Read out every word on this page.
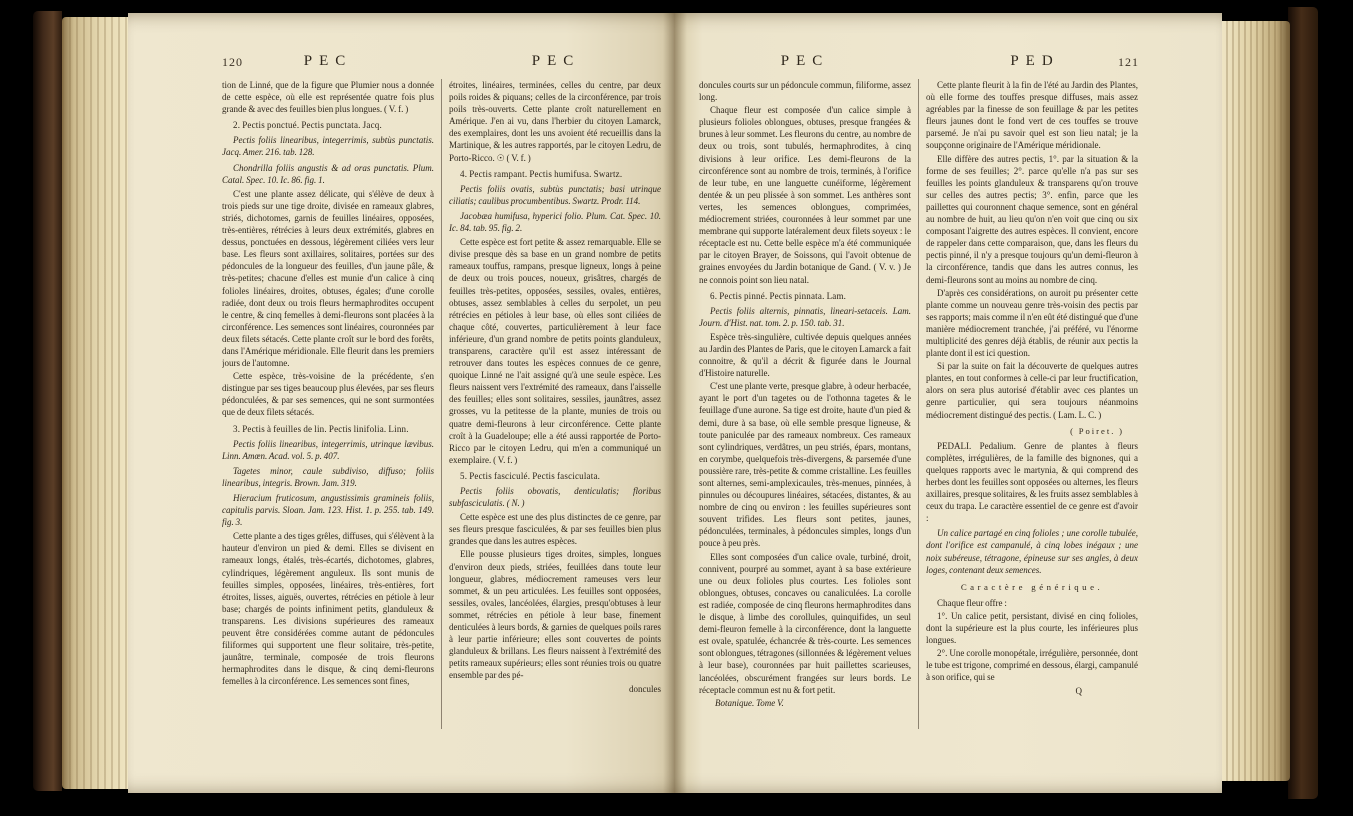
120	PEC	PEC

tion de Linné, que de la figure que Plumier nous a donnée de cette espèce, où elle est représentée quatre fois plus grande & avec des feuilles bien plus longues. ( V. f. )

2. Pectis ponctué. Pectis punctata. Jacq.

Pectis foliis linearibus, integerrimis, subtùs punctatis. Jacq. Amer. 216. tab. 128.

Chondrilla foliis angustis & ad oras punctatis. Plum. Catal. Spec. 10. Ic. 86. fig. 1.

C'est une plante assez délicate, qui s'élève de deux à trois pieds sur une tige droite, divisée en rameaux glabres, striés, dichotomes, garnis de feuilles linéaires, opposées, très-entières, rétrécies à leurs deux extrémités, glabres en dessus, ponctuées en dessous, légèrement ciliées vers leur base. Les fleurs sont axillaires, solitaires, portées sur des pédoncules de la longueur des feuilles, d'un jaune pâle, & très-petites; chacune d'elles est munie d'un calice à cinq folioles linéaires, droites, obtuses, égales; d'une corolle radiée, dont deux ou trois fleurs hermaphrodites occupent le centre, & cinq femelles à demi-fleurons sont placées à la circonférence. Les semences sont linéaires, couronnées par deux filets sétacés. Cette plante croît sur le bord des forêts, dans l'Amérique méridionale. Elle fleurit dans les premiers jours de l'automne.

Cette espèce, très-voisine de la précédente, s'en distingue par ses tiges beaucoup plus élevées, par ses fleurs pédonculées, & par ses semences, qui ne sont surmontées que de deux filets sétacés.

3. Pectis à feuilles de lin. Pectis linifolia. Linn.

Pectis foliis linearibus, integerrimis, utrinque lævibus. Linn. Amœn. Acad. vol. 5. p. 407.

Tagetes minor, caule subdiviso, diffuso; foliis linearibus, integris. Brown. Jam. 319.

Hieracium fruticosum, angustissimis gramineis foliis, capitulis parvis. Sloan. Jam. 123. Hist. 1. p. 255. tab. 149. fig. 3.

Cette plante a des tiges grêles, diffuses, qui s'élèvent à la hauteur d'environ un pied & demi. Elles se divisent en rameaux longs, étalés, très-écartés, dichotomes, glabres, cylindriques, légèrement anguleux. Ils sont munis de feuilles simples, opposées, linéaires, très-entières, fort étroites, lisses, aiguës, ouvertes, rétrécies en pétiole à leur base; chargés de points infiniment petits, glanduleux & transparens. Les divisions supérieures des rameaux peuvent être considérées comme autant de pédoncules filiformes qui supportent une fleur solitaire, très-petite, jaunâtre, terminale, composée de trois fleurons hermaphrodites dans le disque, & cinq demi-fleurons femelles à la circonférence. Les semences sont fines,

étroites, linéaires, terminées, celles du centre, par deux poils roides & piquans; celles de la circonférence, par trois poils très-ouverts. Cette plante croît naturellement en Amérique. J'en ai vu, dans l'herbier du citoyen Lamarck, des exemplaires, dont les uns avoient été recueillis dans la Martinique, & les autres rapportés, par le citoyen Ledru, de Porto-Ricco. ☉ ( V. f. )

4. Pectis rampant. Pectis humifusa. Swartz.

Pectis foliis ovatis, subtùs punctatis; basi utrinque ciliatis; caulibus procumbentibus. Swartz. Prodr. 114.

Jacobæa humifusa, hyperici folio. Plum. Cat. Spec. 10. Ic. 84. tab. 95. fig. 2.

Cette espèce est fort petite & assez remarquable. Elle se divise presque dès sa base en un grand nombre de petits rameaux touffus, rampans, presque ligneux, longs à peine de deux ou trois pouces, noueux, grisâtres, chargés de feuilles très-petites, opposées, sessiles, ovales, entières, obtuses, assez semblables à celles du serpolet, un peu rétrécies en pétioles à leur base, où elles sont ciliées de chaque côté, couvertes, particulièrement à leur face inférieure, d'un grand nombre de petits points glanduleux, transparens, caractère qu'il est assez intéressant de retrouver dans toutes les espèces connues de ce genre, quoique Linné ne l'ait assigné qu'à une seule espèce. Les fleurs naissent vers l'extrémité des rameaux, dans l'aisselle des feuilles; elles sont solitaires, sessiles, jaunâtres, assez grosses, vu la petitesse de la plante, munies de trois ou quatre demi-fleurons à leur circonférence. Cette plante croît à la Guadeloupe; elle a été aussi rapportée de Porto-Ricco par le citoyen Ledru, qui m'en a communiqué un exemplaire. ( V. f. )

5. Pectis fasciculé. Pectis fasciculata.

Pectis foliis obovatis, denticulatis; floribus subfasciculatis. ( N. )

Cette espèce est une des plus distinctes de ce genre, par ses fleurs presque fasciculées, & par ses feuilles bien plus grandes que dans les autres espèces.

Elle pousse plusieurs tiges droites, simples, longues d'environ deux pieds, striées, feuillées dans toute leur longueur, glabres, médiocrement rameuses vers leur sommet, & un peu articulées. Les feuilles sont opposées, sessiles, ovales, lancéolées, élargies, presqu'obtuses à leur sommet, rétrécies en pétiole à leur base, finement denticulées à leurs bords, & garnies de quelques poils rares à leur partie inférieure; elles sont couvertes de points glanduleux & brillans. Les fleurs naissent à l'extrémité des petits rameaux supérieurs; elles sont réunies trois ou quatre ensemble par des pé-

doncules

PEC	PED	121

doncules courts sur un pédoncule commun, filiforme, assez long.

Chaque fleur est composée d'un calice simple à plusieurs folioles oblongues, obtuses, presque frangées & brunes à leur sommet. Les fleurons du centre, au nombre de deux ou trois, sont tubulés, hermaphrodites, à cinq divisions à leur orifice. Les demi-fleurons de la circonférence sont au nombre de trois, terminés, à l'orifice de leur tube, en une languette cunéiforme, légèrement dentée & un peu plissée à son sommet. Les anthères sont vertes, les semences oblongues, comprimées, médiocrement striées, couronnées à leur sommet par une membrane qui supporte latéralement deux filets soyeux : le réceptacle est nu. Cette belle espèce m'a été communiquée par le citoyen Brayer, de Soissons, qui l'avoit obtenue de graines envoyées du Jardin botanique de Gand. ( V. v. ) Je ne connois point son lieu natal.

6. Pectis pinné. Pectis pinnata. Lam.

Pectis foliis alternis, pinnatis, lineari-setaceis. Lam. Journ. d'Hist. nat. tom. 2. p. 150. tab. 31.

Espèce très-singulière, cultivée depuis quelques années au Jardin des Plantes de Paris, que le citoyen Lamarck a fait connoitre, & qu'il a décrit & figurée dans le Journal d'Histoire naturelle.

C'est une plante verte, presque glabre, à odeur herbacée, ayant le port d'un tagetes ou de l'othonna tagetes & le feuillage d'une aurone. Sa tige est droite, haute d'un pied & demi, dure à sa base, où elle semble presque ligneuse, & toute paniculée par des rameaux nombreux. Ces rameaux sont cylindriques, verdâtres, un peu striés, épars, montans, en corymbe, quelquefois très-divergens, & parsemée d'une poussière rare, très-petite & comme cristalline. Les feuilles sont alternes, semi-amplexicaules, très-menues, pinnées, à pinnules ou découpures linéaires, sétacées, distantes, & au nombre de cinq ou environ : les feuilles supérieures sont souvent trifides. Les fleurs sont petites, jaunes, pédonculées, terminales, à pédoncules simples, longs d'un pouce à peu près.

Elles sont composées d'un calice ovale, turbiné, droit, connivent, pourpré au sommet, ayant à sa base extérieure une ou deux folioles plus courtes. Les folioles sont oblongues, obtuses, concaves ou canaliculées. La corolle est radiée, composée de cinq fleurons hermaphrodites dans le disque, à limbe des corollules, quinquifides, un seul demi-fleuron femelle à la circonférence, dont la languette est ovale, spatulée, échancrée & très-courte. Les semences sont oblongues, tétragones (sillonnées & légèrement velues à leur base), couronnées par huit paillettes scarieuses, lancéolées, obscurément frangées sur leurs bords. Le réceptacle commun est nu & fort petit.

Botanique. Tome V.

Cette plante fleurit à la fin de l'été au Jardin des Plantes, où elle forme des touffes presque diffuses, mais assez agréables par la finesse de son feuillage & par les petites fleurs jaunes dont le fond vert de ces touffes se trouve parsemé. Je n'ai pu savoir quel est son lieu natal; je la soupçonne originaire de l'Amérique méridionale.

Elle diffère des autres pectis, 1°. par la situation & la forme de ses feuilles; 2°. parce qu'elle n'a pas sur ses feuilles les points glanduleux & transparens qu'on trouve sur celles des autres pectis; 3°. enfin, parce que les paillettes qui couronnent chaque semence, sont en général au nombre de huit, au lieu qu'on n'en voit que cinq ou six composant l'aigrette des autres espèces. Il convient, encore de rappeler dans cette comparaison, que, dans les fleurs du pectis pinné, il n'y a presque toujours qu'un demi-fleuron à la circonférence, tandis que dans les autres connus, les demi-fleurons sont au moins au nombre de cinq.

D'après ces considérations, on auroit pu présenter cette plante comme un nouveau genre très-voisin des pectis par ses rapports; mais comme il n'en eût été distingué que d'une manière médiocrement tranchée, j'ai préféré, vu l'énorme multiplicité des genres déjà établis, de réunir aux pectis la plante dont il est ici question.

Si par la suite on fait la découverte de quelques autres plantes, en tout conformes à celle-ci par leur fructification, alors on sera plus autorisé d'établir avec ces plantes un genre particulier, qui sera toujours néanmoins médiocrement distingué des pectis. ( Lam. L. C. )

( Poiret. )

PEDALI. Pedalium. Genre de plantes à fleurs complètes, irrégulières, de la famille des bignones, qui a quelques rapports avec le martynia, & qui comprend des herbes dont les feuilles sont opposées ou alternes, les fleurs axillaires, presque solitaires, & les fruits assez semblables à ceux du trapa. Le caractère essentiel de ce genre est d'avoir :

Un calice partagé en cinq folioles ; une corolle tubulée, dont l'orifice est campanulé, à cinq lobes inégaux ; une noix subéreuse, tétragone, épineuse sur ses angles, à deux loges, contenant deux semences.

Caractère générique.

Chaque fleur offre :

1°. Un calice petit, persistant, divisé en cinq folioles, dont la supérieure est la plus courte, les inférieures plus longues.

2°. Une corolle monopétale, irrégulière, personnée, dont le tube est trigone, comprimé en dessous, élargi, campanulé à son orifice, qui se

Q
